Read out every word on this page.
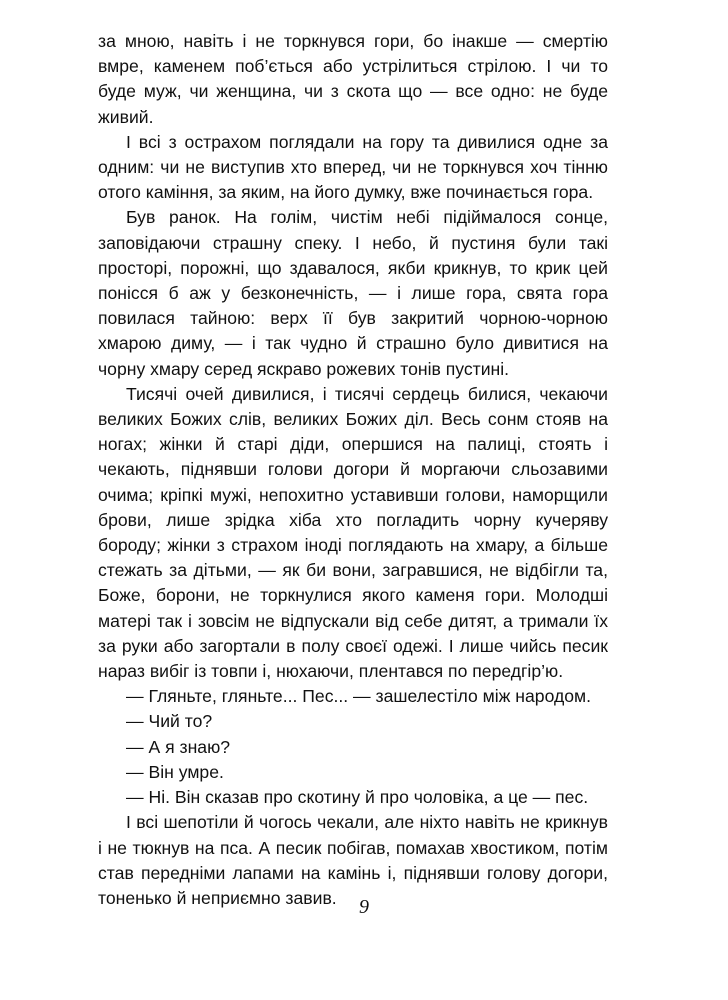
за мною, навіть і не торкнувся гори, бо інакше — смертію вмре, каменем поб’ється або устрілиться стрілою. І чи то буде муж, чи женщина, чи з скота що — все одно: не буде живий.

І всі з острахом поглядали на гору та дивилися одне за одним: чи не виступив хто вперед, чи не торкнувся хоч тінню отого каміння, за яким, на його думку, вже починається гора.

Був ранок. На голім, чистім небі підіймалося сонце, заповідаючи страшну спеку. І небо, й пустиня були такі просторі, порожні, що здавалося, якби крикнув, то крик цей понісся б аж у безконечність, — і лише гора, свята гора повилася тайною: верх її був закритий чорною-чорною хмарою диму, — і так чудно й страшно було дивитися на чорну хмару серед яскраво рожевих тонів пустині.

Тисячі очей дивилися, і тисячі сердець билися, чекаючи великих Божих слів, великих Божих діл. Весь сонм стояв на ногах; жінки й старі діди, опершися на палиці, стоять і чекають, піднявши голови догори й моргаючи сльозавими очима; кріпкі мужі, непохитно уставивши голови, наморщили брови, лише зрідка хіба хто погладить чорну кучеряву бороду; жінки з страхом іноді поглядають на хмару, а більше стежать за дітьми, — як би вони, загравшися, не відбігли та, Боже, борони, не торкнулися якого каменя гори. Молодші матері так і зовсім не відпускали від себе дитят, а тримали їх за руки або загортали в полу своєї одежі. І лише чийсь песик нараз вибіг із товпи і, нюхаючи, плентався по передгір’ю.

— Гляньте, гляньте... Пес... — зашелестіло між народом.

— Чий то?

— А я знаю?

— Він умре.

— Ні. Він сказав про скотину й про чоловіка, а це — пес.

І всі шепотіли й чогось чекали, але ніхто навіть не крикнув і не тюкнув на пса. А песик побігав, помахав хвостиком, потім став передніми лапами на камінь і, піднявши голову догори, тоненько й неприємно завив.	9
